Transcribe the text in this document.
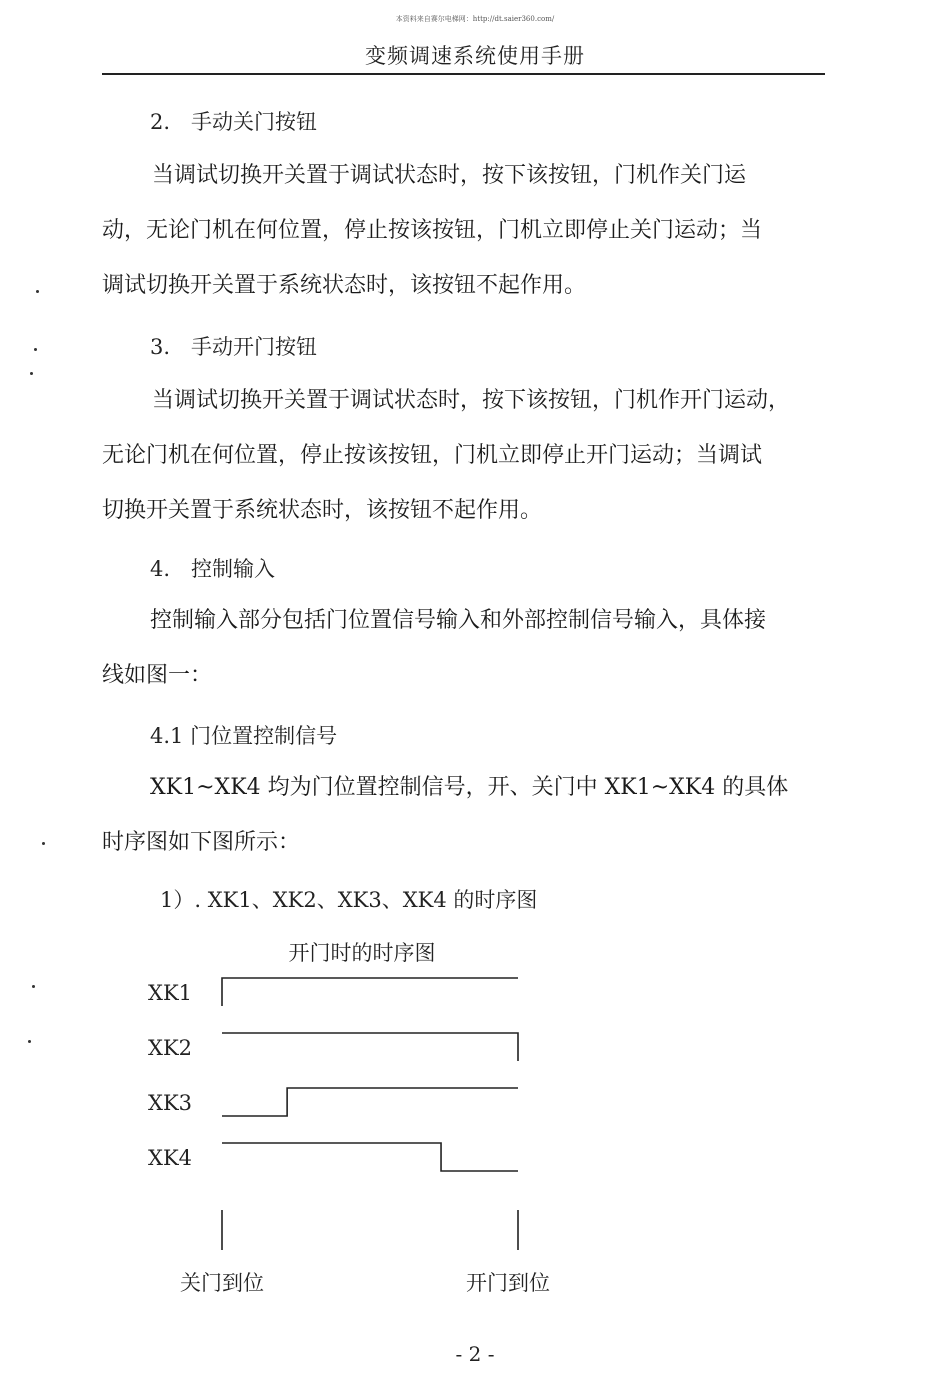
本资料来自赛尔电梯网：http://dt.saier360.com/
变频调速系统使用手册
2.　手动关门按钮
当调试切换开关置于调试状态时，按下该按钮，门机作关门运
动，无论门机在何位置，停止按该按钮，门机立即停止关门运动；当
调试切换开关置于系统状态时，该按钮不起作用。
3.　手动开门按钮
当调试切换开关置于调试状态时，按下该按钮，门机作开门运动，
无论门机在何位置，停止按该按钮，门机立即停止开门运动；当调试
切换开关置于系统状态时，该按钮不起作用。
4.　控制输入
控制输入部分包括门位置信号输入和外部控制信号输入，具体接
线如图一：
4.1 门位置控制信号
XK1~XK4 均为门位置控制信号，开、关门中 XK1~XK4 的具体
时序图如下图所示：
1）. XK1、XK2、XK3、XK4 的时序图
开门时的时序图
XK1
XK2
XK3
XK4
关门到位	开门到位
- 2 -
